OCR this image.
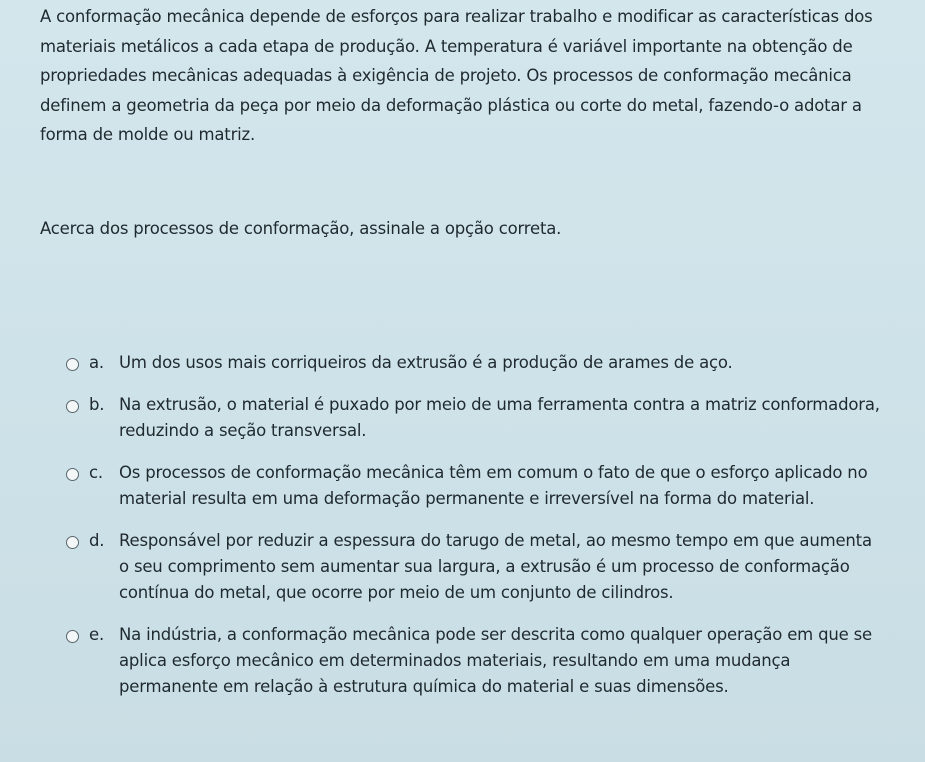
A conformação mecânica depende de esforços para realizar trabalho e modificar as características dos materiais metálicos a cada etapa de produção. A temperatura é variável importante na obtenção de propriedades mecânicas adequadas à exigência de projeto. Os processos de conformação mecânica definem a geometria da peça por meio da deformação plástica ou corte do metal, fazendo-o adotar a forma de molde ou matriz.

Acerca dos processos de conformação, assinale a opção correta.

a. Um dos usos mais corriqueiros da extrusão é a produção de arames de aço.
b. Na extrusão, o material é puxado por meio de uma ferramenta contra a matriz conformadora, reduzindo a seção transversal.
c. Os processos de conformação mecânica têm em comum o fato de que o esforço aplicado no material resulta em uma deformação permanente e irreversível na forma do material.
d. Responsável por reduzir a espessura do tarugo de metal, ao mesmo tempo em que aumenta o seu comprimento sem aumentar sua largura, a extrusão é um processo de conformação contínua do metal, que ocorre por meio de um conjunto de cilindros.
e. Na indústria, a conformação mecânica pode ser descrita como qualquer operação em que se aplica esforço mecânico em determinados materiais, resultando em uma mudança permanente em relação à estrutura química do material e suas dimensões.
